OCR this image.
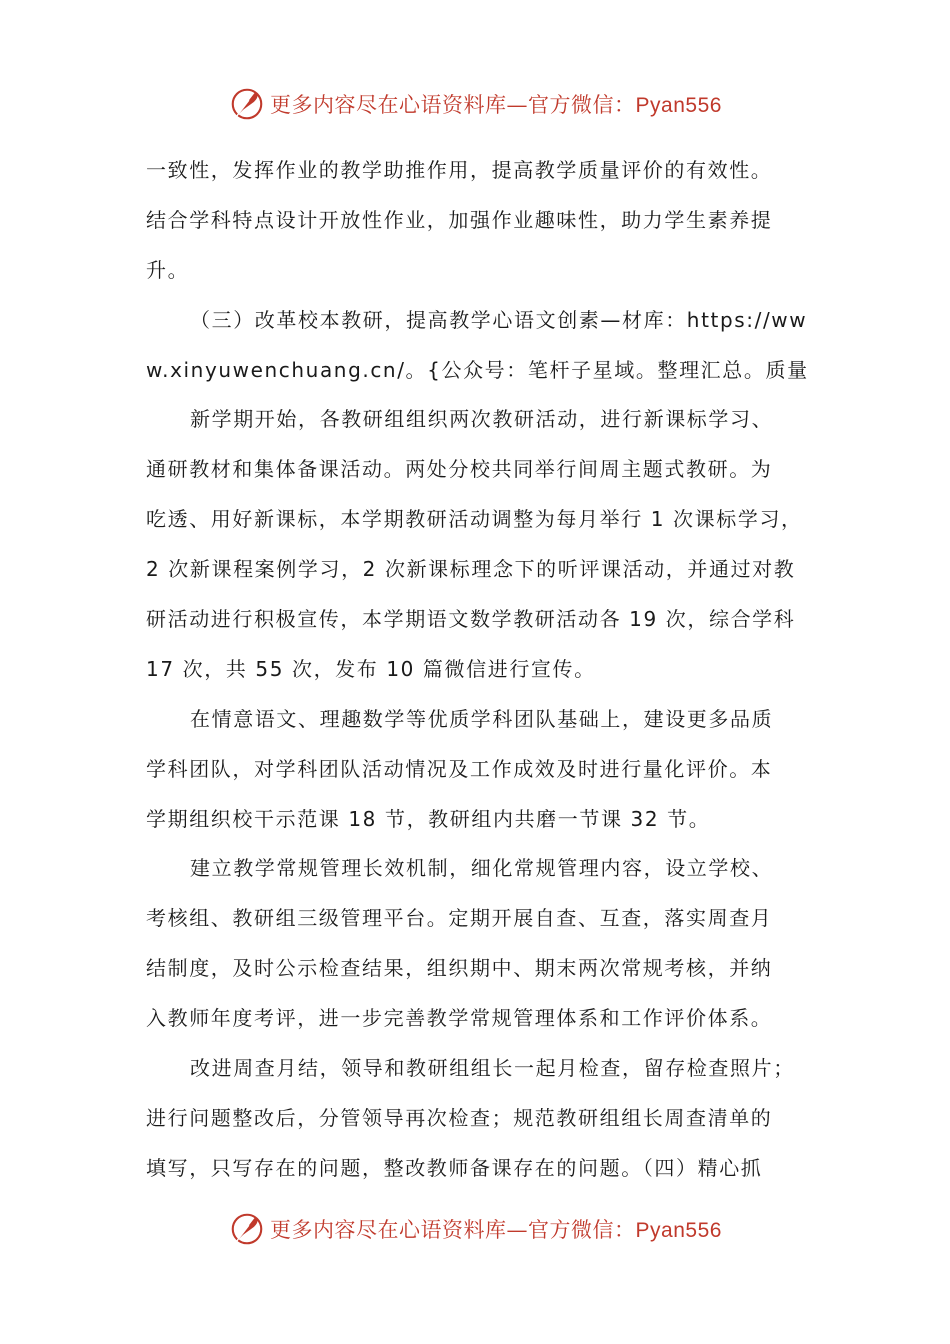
更多内容尽在心语资料库—官方微信：Pyan556
一致性，发挥作业的教学助推作用，提高教学质量评价的有效性。
结合学科特点设计开放性作业，加强作业趣味性，助力学生素养提
升。
（三）改革校本教研，提高教学心语文创素—材库：https://ww
w.xinyuwenchuang.cn/。{公众号：笔杆子星域。整理汇总。质量
新学期开始，各教研组组织两次教研活动，进行新课标学习、
通研教材和集体备课活动。两处分校共同举行间周主题式教研。为
吃透、用好新课标，本学期教研活动调整为每月举行 1 次课标学习，
2 次新课程案例学习，2 次新课标理念下的听评课活动，并通过对教
研活动进行积极宣传，本学期语文数学教研活动各 19 次，综合学科
17 次，共 55 次，发布 10 篇微信进行宣传。
在情意语文、理趣数学等优质学科团队基础上，建设更多品质
学科团队，对学科团队活动情况及工作成效及时进行量化评价。本
学期组织校干示范课 18 节，教研组内共磨一节课 32 节。
建立教学常规管理长效机制，细化常规管理内容，设立学校、
考核组、教研组三级管理平台。定期开展自查、互查，落实周查月
结制度，及时公示检查结果，组织期中、期末两次常规考核，并纳
入教师年度考评，进一步完善教学常规管理体系和工作评价体系。
改进周查月结，领导和教研组组长一起月检查，留存检查照片；
进行问题整改后，分管领导再次检查；规范教研组组长周查清单的
填写，只写存在的问题，整改教师备课存在的问题。（四）精心抓
更多内容尽在心语资料库—官方微信：Pyan556
